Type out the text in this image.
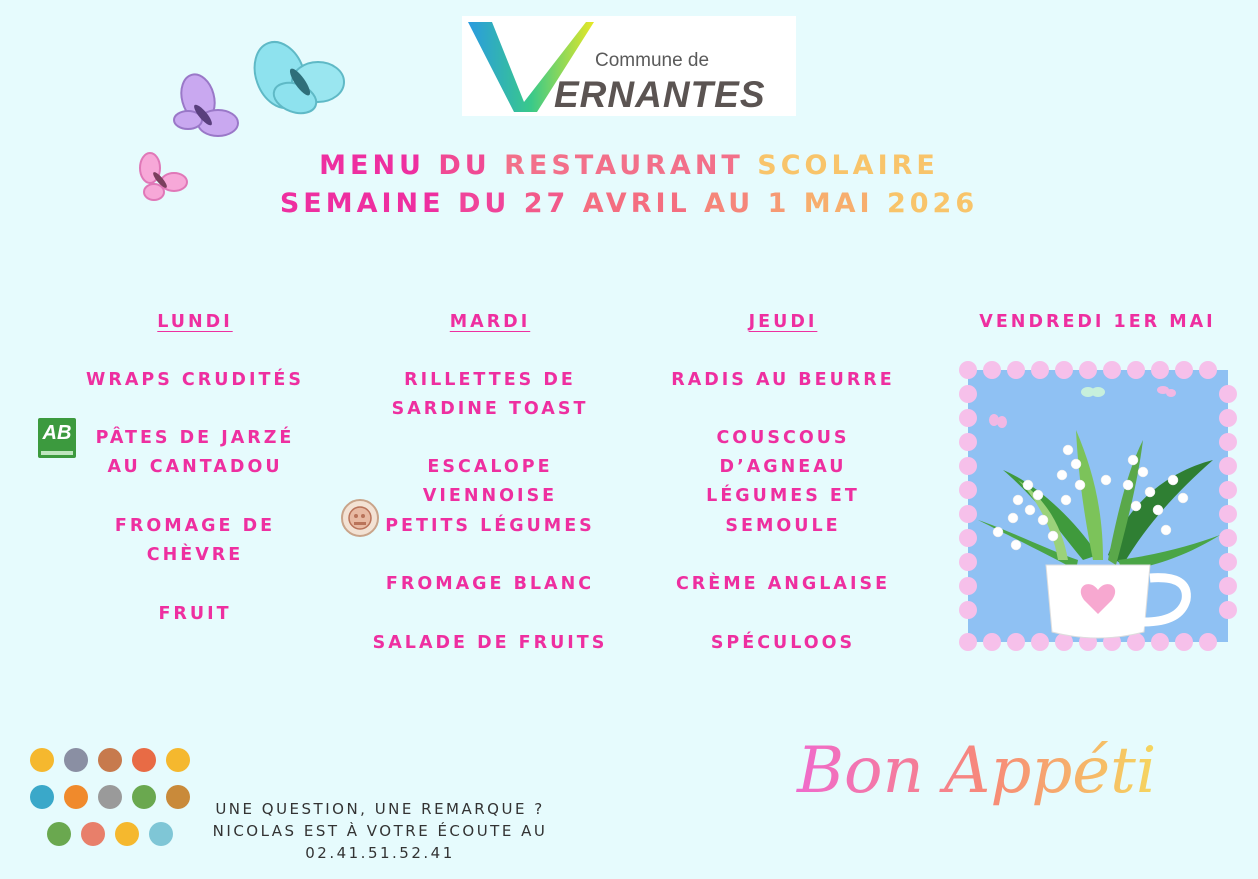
Commune de
ERNANTES
MENU DU RESTAURANT SCOLAIRE
SEMAINE DU 27 AVRIL AU 1 MAI 2026
LUNDI
WRAPS CRUDITÉS
PÂTES DE JARZÉ
AU CANTADOU
FROMAGE DE
CHÈVRE
FRUIT
AB
MARDI
RILLETTES DE
SARDINE TOAST
ESCALOPE
VIENNOISE
PETITS LÉGUMES
FROMAGE BLANC
SALADE DE FRUITS
JEUDI
RADIS AU BEURRE
COUSCOUS
D’AGNEAU
LÉGUMES ET
SEMOULE
CRÈME ANGLAISE
SPÉCULOOS
VENDREDI 1ER MAI
Bon Appétit
UNE QUESTION, UNE REMARQUE ?
NICOLAS EST À VOTRE ÉCOUTE AU 02.41.51.52.41
